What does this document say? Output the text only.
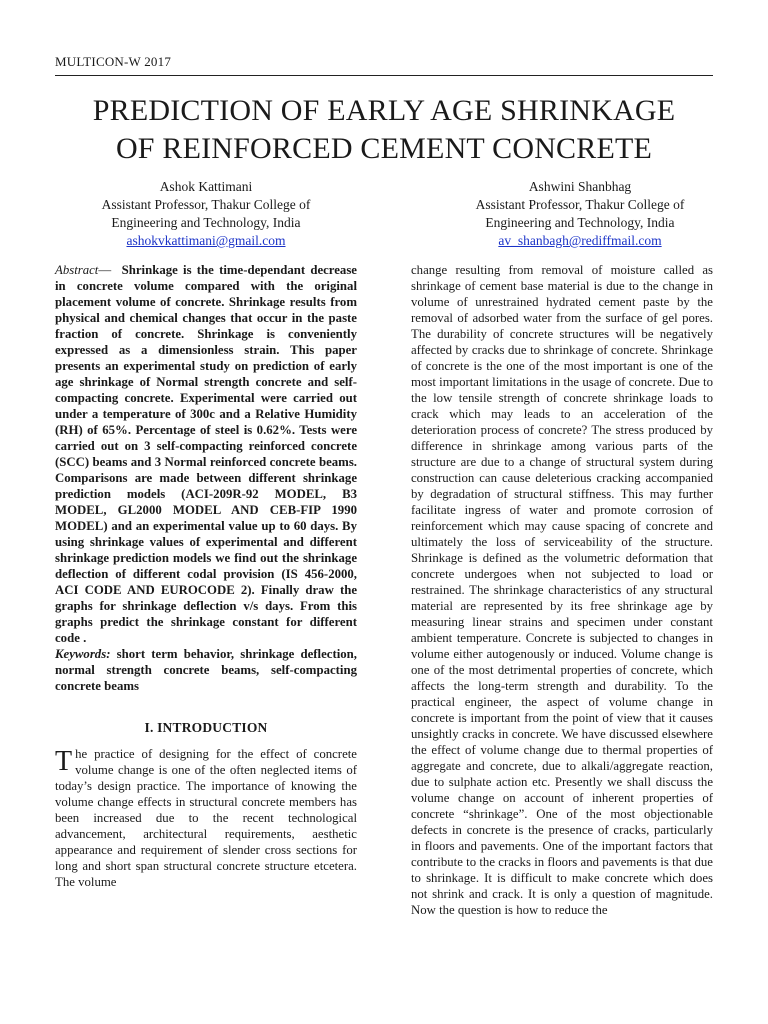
MULTICON-W 2017
PREDICTION OF EARLY AGE SHRINKAGE
OF REINFORCED CEMENT CONCRETE
Ashok Kattimani
Assistant Professor, Thakur College of
Engineering and Technology, India
ashokvkattimani@gmail.com
Ashwini Shanbhag
Assistant Professor, Thakur College of
Engineering and Technology, India
av_shanbagh@rediffmail.com

Abstract— Shrinkage is the time-dependant decrease in concrete volume compared with the original placement volume of concrete. Shrinkage results from physical and chemical changes that occur in the paste fraction of concrete. Shrinkage is conveniently expressed as a dimensionless strain. This paper presents an experimental study on prediction of early age shrinkage of Normal strength concrete and self-compacting concrete. Experimental were carried out under a temperature of 300c and a Relative Humidity (RH) of 65%. Percentage of steel is 0.62%. Tests were carried out on 3 self-compacting reinforced concrete (SCC) beams and 3 Normal reinforced concrete beams. Comparisons are made between different shrinkage prediction models (ACI-209R-92 MODEL, B3 MODEL, GL2000 MODEL AND CEB-FIP 1990 MODEL) and an experimental value up to 60 days. By using shrinkage values of experimental and different shrinkage prediction models we find out the shrinkage deflection of different codal provision (IS 456-2000, ACI CODE AND EUROCODE 2). Finally draw the graphs for shrinkage deflection v/s days. From this graphs predict the shrinkage constant for different code .

Keywords: short term behavior, shrinkage deflection, normal strength concrete beams, self-compacting concrete beams

I. INTRODUCTION

The practice of designing for the effect of concrete volume change is one of the often neglected items of today’s design practice. The importance of knowing the volume change effects in structural concrete members has been increased due to the recent technological advancement, architectural requirements, aesthetic appearance and requirement of slender cross sections for long and short span structural concrete structure etcetera. The volume

change resulting from removal of moisture called as shrinkage of cement base material is due to the change in volume of unrestrained hydrated cement paste by the removal of adsorbed water from the surface of gel pores. The durability of concrete structures will be negatively affected by cracks due to shrinkage of concrete. Shrinkage of concrete is the one of the most important is one of the most important limitations in the usage of concrete. Due to the low tensile strength of concrete shrinkage loads to crack which may leads to an acceleration of the deterioration process of concrete? The stress produced by difference in shrinkage among various parts of the structure are due to a change of structural system during construction can cause deleterious cracking accompanied by degradation of structural stiffness. This may further facilitate ingress of water and promote corrosion of reinforcement which may cause spacing of concrete and ultimately the loss of serviceability of the structure. Shrinkage is defined as the volumetric deformation that concrete undergoes when not subjected to load or restrained. The shrinkage characteristics of any structural material are represented by its free shrinkage age by measuring linear strains and specimen under constant ambient temperature. Concrete is subjected to changes in volume either autogenously or induced. Volume change is one of the most detrimental properties of concrete, which affects the long-term strength and durability. To the practical engineer, the aspect of volume change in concrete is important from the point of view that it causes unsightly cracks in concrete. We have discussed elsewhere the effect of volume change due to thermal properties of aggregate and concrete, due to alkali/aggregate reaction, due to sulphate action etc. Presently we shall discuss the volume change on account of inherent properties of concrete “shrinkage”. One of the most objectionable defects in concrete is the presence of cracks, particularly in floors and pavements. One of the important factors that contribute to the cracks in floors and pavements is that due to shrinkage. It is difficult to make concrete which does not shrink and crack. It is only a question of magnitude. Now the question is how to reduce the
